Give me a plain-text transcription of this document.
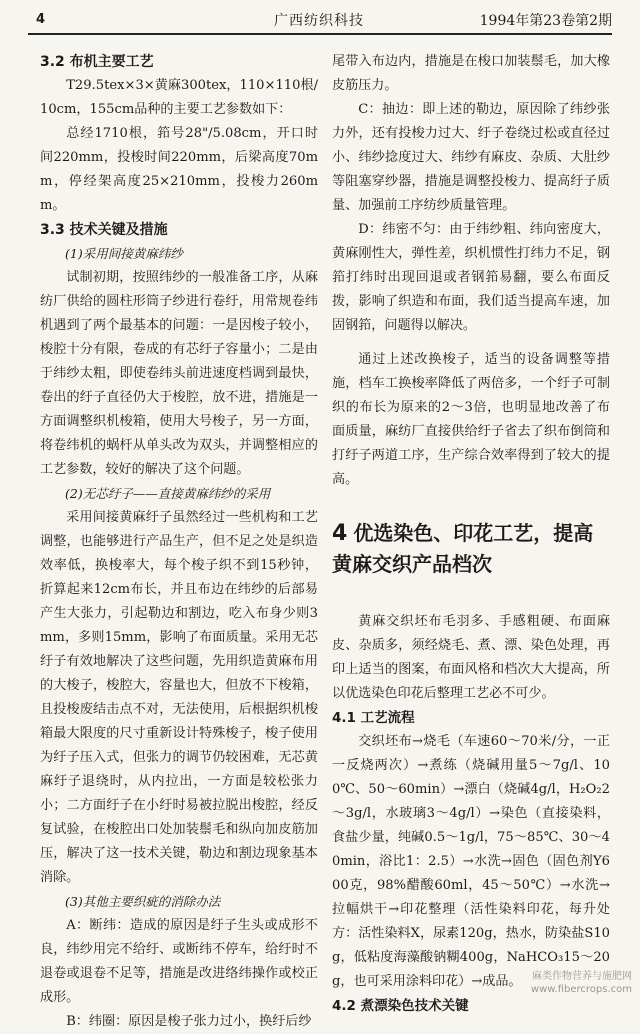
4	广西纺织科技	1994年第23卷第2期

3.2 布机主要工艺

T29.5tex×3×黄麻300tex，110×110根/10cm，155cm品种的主要工艺参数如下：

总经1710根，筘号28"/5.08cm，开口时间220mm，投梭时间220mm，后梁高度70mm，停经架高度25×210mm，投梭力260mm。

3.3 技术关键及措施

(1)采用间接黄麻纬纱

试制初期，按照纬纱的一般准备工序，从麻纺厂供给的圆柱形筒子纱进行卷纡，用常规卷纬机遇到了两个最基本的问题：一是因梭子较小，梭腔十分有限，卷成的有芯纡子容量小；二是由于纬纱太粗，即使卷纬头前进速度档调到最快，卷出的纡子直径仍大于梭腔，放不进，措施是一方面调整织机梭箱，使用大号梭子，另一方面，将卷纬机的蜗杆从单头改为双头，并调整相应的工艺参数，较好的解决了这个问题。

(2)无芯纡子——直接黄麻纬纱的采用

采用间接黄麻纡子虽然经过一些机构和工艺调整，也能够进行产品生产，但不足之处是织造效率低，换梭率大，每个梭子织不到15秒钟，折算起来12cm布长，并且布边在纬纱的后部易产生大张力，引起勒边和割边，吃入布身少则3mm，多则15mm，影响了布面质量。采用无芯纡子有效地解决了这些问题，先用织造黄麻布用的大梭子，梭腔大，容量也大，但放不下梭箱，且投梭废结击点不对，无法使用，后根据织机梭箱最大限度的尺寸重新设计特殊梭子，梭子使用为纡子压入式，但张力的调节仍较困难，无芯黄麻纡子退绕时，从内拉出，一方面是较松张力小；二方面纡子在小纡时易被拉脱出梭腔，经反复试验，在梭腔出口处加装鬃毛和纵向加皮筋加压，解决了这一技术关键，勒边和割边现象基本消除。

(3)其他主要织疵的消除办法

A：断纬：造成的原因是纡子生头或成形不良，纬纱用完不给纡、或断纬不停车，给纡时不退卷或退卷不足等，措施是改进络纬操作或校正成形。

B：纬圈：原因是梭子张力过小，换纡后纱

尾带入布边内，措施是在梭口加装鬃毛，加大橡皮筋压力。

C：抽边：即上述的勒边，原因除了纬纱张力外，还有投梭力过大、纡子卷绕过松或直径过小、纬纱捻度过大、纬纱有麻皮、杂质、大肚纱等阻塞穿纱器，措施是调整投梭力、提高纡子质量、加强前工序纺纱质量管理。

D：纬密不匀：由于纬纱粗、纬向密度大，黄麻刚性大，弹性差，织机惯性打纬力不足，钢筘打纬时出现回退或者钢筘易翻，要么布面反拨，影响了织造和布面，我们适当提高车速，加固钢筘，问题得以解决。

通过上述改换梭子，适当的设备调整等措施，档车工换梭率降低了两倍多，一个纡子可制织的布长为原来的2～3倍，也明显地改善了布面质量，麻纺厂直接供给纡子省去了织布倒筒和打纡子两道工序，生产综合效率得到了较大的提高。

4 优选染色、印花工艺，提高黄麻交织产品档次

黄麻交织坯布毛羽多、手感粗硬、布面麻皮、杂质多，须经烧毛、煮、漂、染色处理，再印上适当的图案，布面风格和档次大大提高，所以优选染色印花后整理工艺必不可少。

4.1 工艺流程

交织坯布→烧毛（车速60～70米/分，一正一反烧两次）→煮练（烧碱用量5～7g/l、100℃、50～60min）→漂白（烧碱4g/l，H₂O₂2～3g/l，水玻璃3～4g/l）→染色（直接染料，食盐少量，纯碱0.5～1g/l，75～85℃、30～40min，浴比1：2.5）→水洗→固色（固色剂Y600克，98%醋酸60ml，45～50℃）→水洗→拉幅烘干→印花整理（活性染料印花，每升处方：活性染料X，尿素120g，热水，防染盐S10g，低粘度海藻酸钠糊400g，NaHCO₃15～20g，也可采用涂料印花）→成品。

4.2 煮漂染色技术关键

麻类作物营养与施肥网
www.fibercrops.com
